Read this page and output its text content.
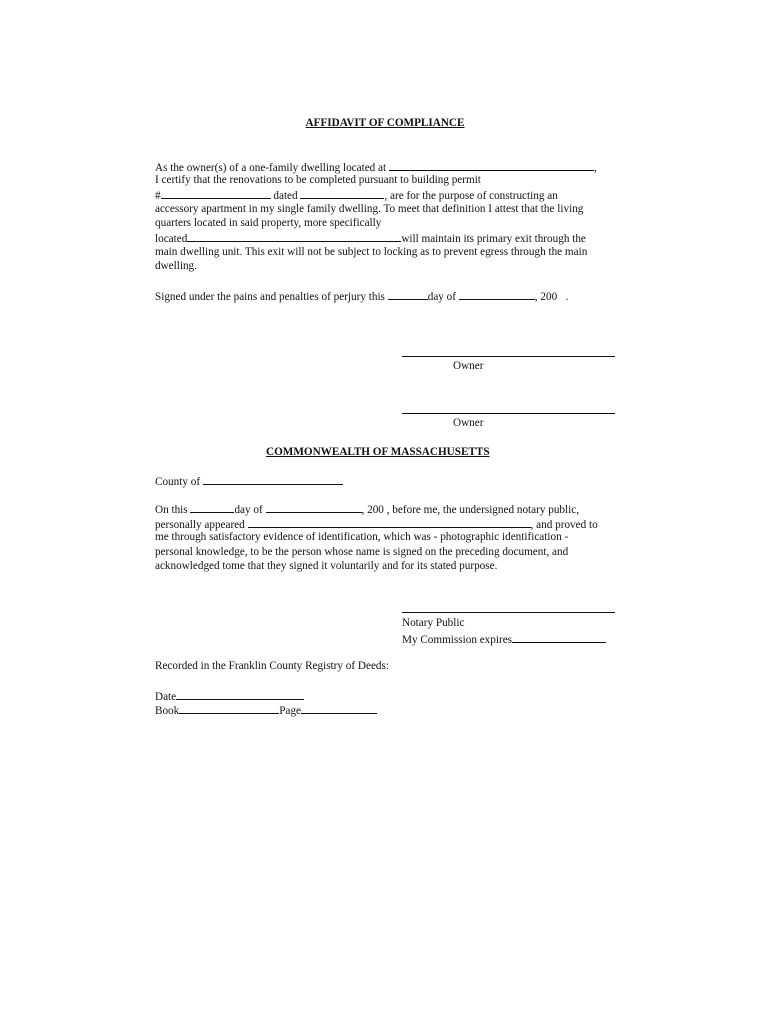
AFFIDAVIT OF COMPLIANCE
As the owner(s) of a one-family dwelling located at	,
I certify that the renovations to be completed pursuant to building permit
#	dated	, are for the purpose of constructing an
accessory apartment in my single family dwelling. To meet that definition I attest that the living
quarters located in said property, more specifically
located	will maintain its primary exit through the
main dwelling unit. This exit will not be subject to locking as to prevent egress through the main
dwelling.
Signed under the pains and penalties of perjury this	day of	, 200 .
Owner
Owner
COMMONWEALTH OF MASSACHUSETTS
County of
On this	day of	, 200 , before me, the undersigned notary public,
personally appeared	, and proved to
me through satisfactory evidence of identification, which was - photographic identification -
personal knowledge, to be the person whose name is signed on the preceding document, and
acknowledged tome that they signed it voluntarily and for its stated purpose.
Notary Public
My Commission expires
Recorded in the Franklin County Registry of Deeds:
Date
Book	Page
